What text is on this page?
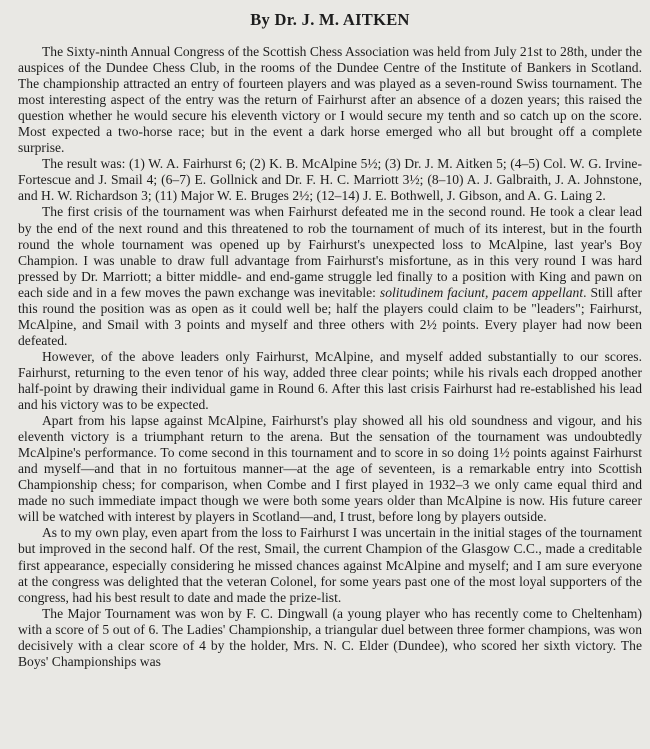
By Dr. J. M. AITKEN

The Sixty-ninth Annual Congress of the Scottish Chess Association was held from July 21st to 28th, under the auspices of the Dundee Chess Club, in the rooms of the Dundee Centre of the Institute of Bankers in Scotland. The championship attracted an entry of fourteen players and was played as a seven-round Swiss tournament. The most interesting aspect of the entry was the return of Fairhurst after an absence of a dozen years; this raised the question whether he would secure his eleventh victory or I would secure my tenth and so catch up on the score. Most expected a two-horse race; but in the event a dark horse emerged who all but brought off a complete surprise.

The result was: (1) W. A. Fairhurst 6; (2) K. B. McAlpine 5½; (3) Dr. J. M. Aitken 5; (4–5) Col. W. G. Irvine-Fortescue and J. Smail 4; (6–7) E. Gollnick and Dr. F. H. C. Marriott 3½; (8–10) A. J. Galbraith, J. A. Johnstone, and H. W. Richardson 3; (11) Major W. E. Bruges 2½; (12–14) J. E. Bothwell, J. Gibson, and A. G. Laing 2.

The first crisis of the tournament was when Fairhurst defeated me in the second round. He took a clear lead by the end of the next round and this threatened to rob the tournament of much of its interest, but in the fourth round the whole tournament was opened up by Fairhurst's unexpected loss to McAlpine, last year's Boy Champion. I was unable to draw full advantage from Fairhurst's misfortune, as in this very round I was hard pressed by Dr. Marriott; a bitter middle- and end-game struggle led finally to a position with King and pawn on each side and in a few moves the pawn exchange was inevitable: solitudinem faciunt, pacem appellant. Still after this round the position was as open as it could well be; half the players could claim to be "leaders"; Fairhurst, McAlpine, and Smail with 3 points and myself and three others with 2½ points. Every player had now been defeated.

However, of the above leaders only Fairhurst, McAlpine, and myself added substantially to our scores. Fairhurst, returning to the even tenor of his way, added three clear points; while his rivals each dropped another half-point by drawing their individual game in Round 6. After this last crisis Fairhurst had re-established his lead and his victory was to be expected.

Apart from his lapse against McAlpine, Fairhurst's play showed all his old soundness and vigour, and his eleventh victory is a triumphant return to the arena. But the sensation of the tournament was undoubtedly McAlpine's performance. To come second in this tournament and to score in so doing 1½ points against Fairhurst and myself—and that in no fortuitous manner—at the age of seventeen, is a remarkable entry into Scottish Championship chess; for comparison, when Combe and I first played in 1932–3 we only came equal third and made no such immediate impact though we were both some years older than McAlpine is now. His future career will be watched with interest by players in Scotland—and, I trust, before long by players outside.

As to my own play, even apart from the loss to Fairhurst I was uncertain in the initial stages of the tournament but improved in the second half. Of the rest, Smail, the current Champion of the Glasgow C.C., made a creditable first appearance, especially considering he missed chances against McAlpine and myself; and I am sure everyone at the congress was delighted that the veteran Colonel, for some years past one of the most loyal supporters of the congress, had his best result to date and made the prize-list.

The Major Tournament was won by F. C. Dingwall (a young player who has recently come to Cheltenham) with a score of 5 out of 6. The Ladies' Championship, a triangular duel between three former champions, was won decisively with a clear score of 4 by the holder, Mrs. N. C. Elder (Dundee), who scored her sixth victory. The Boys' Championships was
